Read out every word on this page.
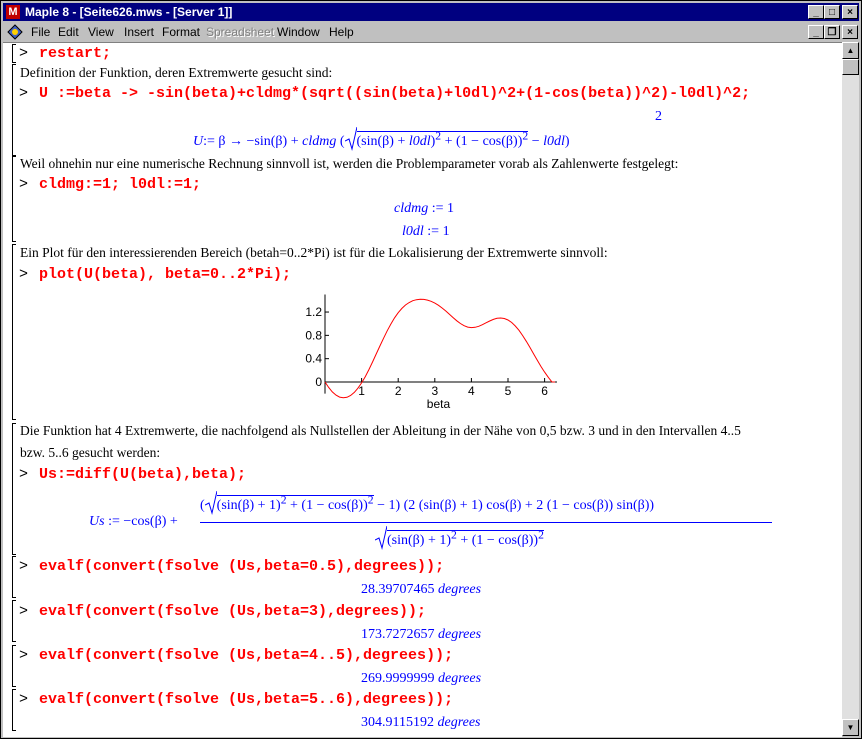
M Maple 8 - [Seite626.mws - [Server 1]]	_	□	×
File Edit View Insert Format Spreadsheet Window Help	_ ❐	×
> restart;
Definition der Funktion, deren Extremwerte gesucht sind:
> U :=beta -> -sin(beta)+cldmg*(sqrt((sin(beta)+l0dl)^2+(1-cos(beta))^2)-l0dl)^2;
U:= β → −sin(β) + cldmg ( $(\sin(\beta) + l0dl)^2 + (1 - \cos(\beta))^2 - l0dl$)
2
Weil ohnehin nur eine numerische Rechnung sinnvoll ist, werden die Problemparameter vorab als Zahlenwerte festgelegt:
> cldmg:=1; l0dl:=1;
cldmg := 1
l0dl := 1
Ein Plot für den interessierenden Bereich (betah=0..2*Pi) ist für die Lokalisierung der Extremwerte sinnvoll:
> plot(U(beta), beta=0..2*Pi);
1 2 3 4 5 6
0
0.4
0.8
1.2
beta
Die Funktion hat 4 Extremwerte, die nachfolgend als Nullstellen der Ableitung in der Nähe von 0,5 bzw. 3 und in den Intervallen 4..5
bzw. 5..6 gesucht werden:
> Us:=diff(U(beta),beta);
Us := −cos(β) +
( $(\sin(\beta) + 1)^2 + (1 - \cos(\beta))^2 - 1$) (2 (sin(β) + 1) cos(β) + 2 (1 − cos(β)) sin(β))
$(\sin(\beta) + 1)^2 + (1 - \cos(\beta))^2$
> evalf(convert(fsolve (Us,beta=0.5),degrees));
28.39707465 degrees
> evalf(convert(fsolve (Us,beta=3),degrees));
173.7272657 degrees
> evalf(convert(fsolve (Us,beta=4..5),degrees));
269.9999999 degrees
> evalf(convert(fsolve (Us,beta=5..6),degrees));
304.9115192 degrees
▲
▼
